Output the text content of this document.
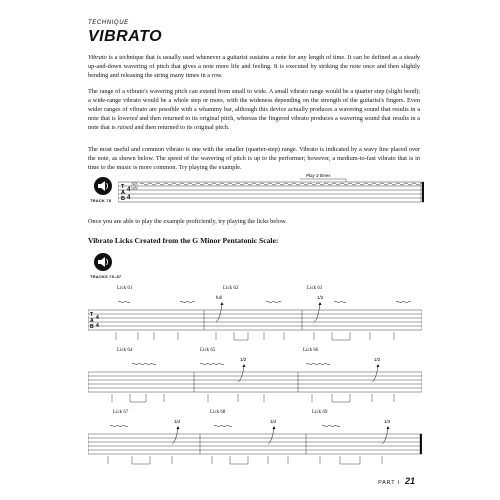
TECHNIQUE
VIBRATO
Vibrato is a technique that is usually used whenever a guitarist sustains a note for any length of time. It can be defined as a steady up-and-down wavering of pitch that gives a note more life and feeling. It is executed by striking the note once and then slightly bending and releasing the string many times in a row.
The range of a vibrato's wavering pitch can extend from small to wide. A small vibrato range would be a quarter step (slight bend); a wide-range vibrato would be a whole step or more, with the wideness depending on the strength of the guitarist's fingers. Even wider ranges of vibrato are possible with a whammy bar, although this device actually produces a wavering sound that results in a note that is lowered and then returned to its original pitch, whereas the fingered vibrato produces a wavering sound that results in a note that is raised and then returned to its original pitch.
The most useful and common vibrato is one with the smaller (quarter-step) range. Vibrato is indicated by a wavy line placed over the note, as shown below. The speed of the wavering of pitch is up to the performer; however, a medium-to-fast vibrato that is in time to the music is more common. Try playing the example.
TRACK 78
Play 3 times
T
A
B
4
4
5
Once you are able to play the example proficiently, try playing the licks below.
Vibrato Licks Created from the G Minor Pentatonic Scale:
TRACKS 79–87
Lick 61	Lick 62	Lick 63
Lick 64	Lick 65	Lick 66
Lick 67	Lick 68	Lick 69
T
A
B
4
4
full	1/2
1/2	1/2
1/4	1/4	1/4
PART I 21
